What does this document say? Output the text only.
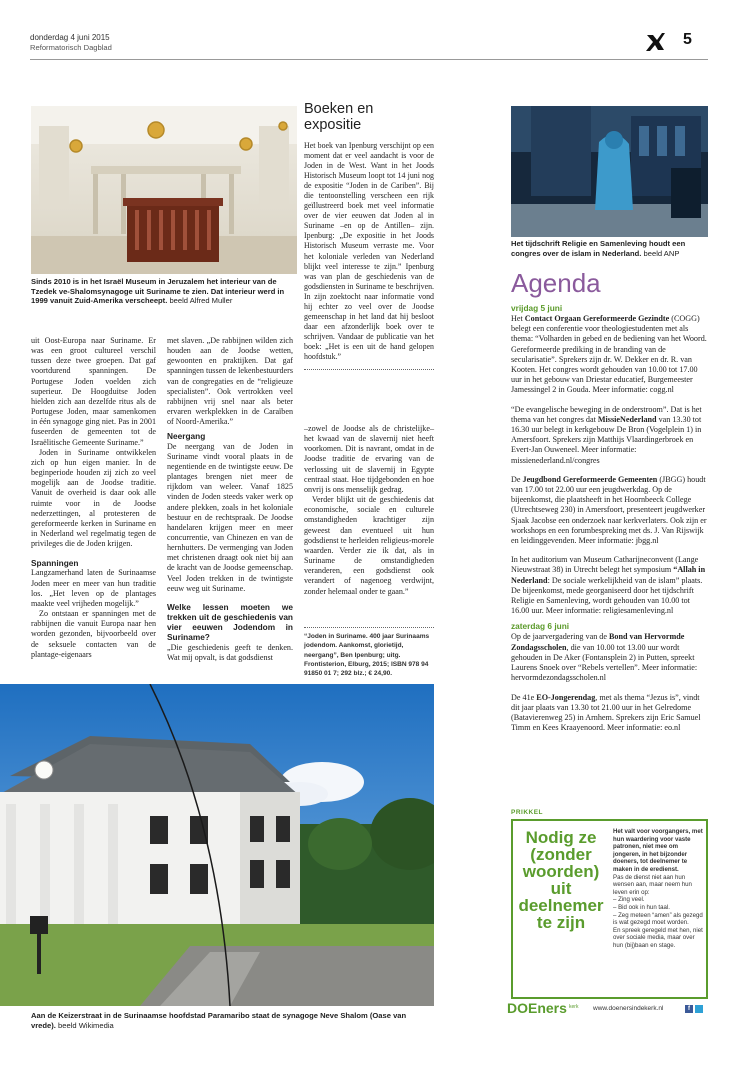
donderdag 4 juni 2015
Reformatorisch Dagblad	5
Sinds 2010 is in het Israël Museum in Jeruzalem het interieur van de Tzedek ve-Shalomsynagoge uit Suriname te zien. Dat interieur werd in 1999 vanuit Zuid-Amerika verscheept. beeld Alfred Muller

uit Oost-Europa naar Suriname. Er was een groot cultureel verschil tussen deze twee groepen. Dat gaf voortdurend spanningen. De Portugese Joden voelden zich superieur. De Hoogduitse Joden hielden zich aan dezelfde ritus als de Portugese Joden, maar samenkomen in één synagoge ging niet. Pas in 2001 fuseerden de gemeenten tot de Israëlitische Gemeente Suriname.”

Joden in Suriname ontwikkelen zich op hun eigen manier. In de beginperiode houden zij zich zo veel mogelijk aan de Joodse traditie. Vanuit de overheid is daar ook alle ruimte voor in de Joodse nederzettingen, al protesteren de gereformeerde kerken in Suriname en in Nederland wel regelmatig tegen de privileges die de Joden krijgen.

Spanningen

Langzamerhand laten de Surinaamse Joden meer en meer van hun traditie los. „Het leven op de plantages maakte veel vrijheden mogelijk.”

Zo ontstaan er spanningen met de rabbijnen die vanuit Europa naar hen worden gezonden, bijvoorbeeld over de seksuele contacten van de plantage-eigenaars

met slaven. „De rabbijnen wilden zich houden aan de Joodse wetten, gewoonten en praktijken. Dat gaf spanningen tussen de lekenbestuurders van de congregaties en de “religieuze specialisten”. Ook vertrokken veel rabbijnen vrij snel naar als beter ervaren werkplekken in de Caraïben of Noord-Amerika.”

Neergang

De neergang van de Joden in Suriname vindt vooral plaats in de negentiende en de twintigste eeuw. De plantages brengen niet meer de rijkdom van weleer. Vanaf 1825 vinden de Joden steeds vaker werk op andere plekken, zoals in het koloniale bestuur en de rechtspraak. De Joodse handelaren krijgen meer en meer concurrentie, van Chinezen en van de hernhutters. De vermenging van Joden met christenen draagt ook niet bij aan de kracht van de Joodse gemeenschap. Veel Joden trekken in de twintigste eeuw weg uit Suriname.

Welke lessen moeten we trekken uit de geschiedenis van vier eeuwen Jodendom in Suriname?

„Die geschiedenis geeft te denken. Wat mij opvalt, is dat godsdienst

Boeken en expositie
Het boek van Ipenburg verschijnt op een moment dat er veel aandacht is voor de Joden in de West. Want in het Joods Historisch Museum loopt tot 14 juni nog de expositie “Joden in de Cariben”. Bij die tentoonstelling verscheen een rijk geïllustreerd boek met veel informatie over de vier eeuwen dat Joden al in Suriname –en op de Antillen– zijn. Ipenburg: „De expositie in het Joods Historisch Museum verraste me. Voor het koloniale verleden van Nederland blijkt veel interesse te zijn.” Ipenburg was van plan de geschiedenis van de godsdiensten in Suriname te beschrijven. In zijn zoektocht naar informatie vond hij echter zo veel over de Joodse gemeenschap in het land dat hij besloot daar een afzonderlijk boek over te schrijven. Vandaar de publicatie van het boek: „Het is een uit de hand gelopen hoofdstuk.”

–zowel de Joodse als de christelijke– het kwaad van de slavernij niet heeft voorkomen. Dit is navrant, omdat in de Joodse traditie de ervaring van de verlossing uit de slavernij in Egypte centraal staat. Hoe tijdgebonden en hoe onvrij is ons menselijk gedrag.

Verder blijkt uit de geschiedenis dat economische, sociale en culturele omstandigheden krachtiger zijn geweest dan eventueel uit hun godsdienst te herleiden religieus-morele waarden. Verder zie ik dat, als in Suriname de omstandigheden veranderen, een godsdienst ook verandert of nagenoeg verdwijnt, zonder helemaal onder te gaan.”

“Joden in Suriname. 400 jaar Surinaams jodendom. Aankomst, glorietijd, neergang”, Ben Ipenburg; uitg. Frontisterion, Elburg, 2015; ISBN 978 94 91850 01 7; 292 blz.; € 24,90.
Aan de Keizerstraat in de Surinaamse hoofdstad Paramaribo staat de synagoge Neve Shalom (Oase van vrede). beeld Wikimedia
Het tijdschrift Religie en Samenleving houdt een congres over de islam in Nederland. beeld ANP
Agenda
vrijdag 5 juni

Het Contact Orgaan Gereformeerde Gezindte (COGG) belegt een conferentie voor theologiestudenten met als thema: “Volharden in gebed en de bediening van het Woord. Gereformeerde prediking in de branding van de secularisatie”. Sprekers zijn dr. W. Dekker en dr. R. van Kooten. Het congres wordt gehouden van 10.00 tot 17.00 uur in het gebouw van Driestar educatief, Burgemeester Jamessingel 2 in Gouda. Meer informatie: cogg.nl

“De evangelische beweging in de onderstroom”. Dat is het thema van het congres dat MissieNederland van 13.30 tot 16.30 uur belegt in kerkgebouw De Bron (Vogelplein 1) in Amersfoort. Sprekers zijn Matthijs Vlaardingerbroek en Evert-Jan Ouweneel. Meer informatie: missienederland.nl/congres

De Jeugdbond Gereformeerde Gemeenten (JBGG) houdt van 17.00 tot 22.00 uur een jeugdwerkdag. Op de bijeenkomst, die plaatsheeft in het Hoornbeeck College (Utrechtseweg 230) in Amersfoort, presenteert jeugdwerker Sjaak Jacobse een onderzoek naar kerkverlaters. Ook zijn er workshops en een forumbespreking met ds. J. Van Rijswijk en leidinggevenden. Meer informatie: jbgg.nl

In het auditorium van Museum Catharijneconvent (Lange Nieuwstraat 38) in Utrecht belegt het symposium “Allah in Nederland: De sociale werkelijkheid van de islam” plaats. De bijeenkomst, mede georganiseerd door het tijdschrift Religie en Samenleving, wordt gehouden van 10.00 tot 16.00 uur. Meer informatie: religiesamenleving.nl

zaterdag 6 juni

Op de jaarvergadering van de Bond van Hervormde Zondagsscholen, die van 10.00 tot 13.00 uur wordt gehouden in De Aker (Fontansplein 2) in Putten, spreekt Laurens Snoek over “Rebels vertellen”. Meer informatie: hervormdezondagsscholen.nl

De 41e EO-Jongerendag, met als thema “Jezus is”, vindt dit jaar plaats van 13.30 tot 21.00 uur in het Gelredome (Batavierenweg 25) in Arnhem. Sprekers zijn Eric Samuel Timm en Kees Kraayenoord. Meer informatie: eo.nl

PRIKKEL
Nodig ze (zonder woorden) uit deelnemer te zijn
Het valt voor voorgangers, met hun waardering voor vaste patronen, niet mee om jongeren, in het bijzonder doeners, tot deelnemer te maken in de eredienst.
Pas de dienst niet aan hun wensen aan, maar neem hun leven erin op:
– Zing veel.
– Bid ook in hun taal.
– Zeg meteen “amen” als gezegd is wat gezegd moet worden.
En spreek geregeld met hen, niet over sociale media, maar over hun (bij)baan en stage.
DOEners kerk www.doenersindekerk.nl	f
